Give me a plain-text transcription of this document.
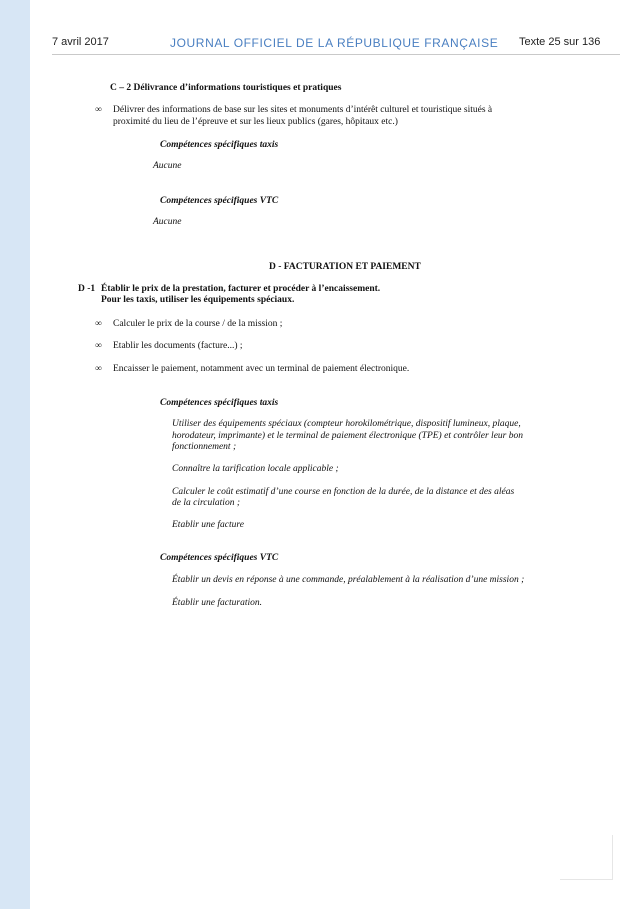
7 avril 2017	JOURNAL OFFICIEL DE LA RÉPUBLIQUE FRANÇAISE Texte 25 sur 136
C – 2 Délivrance d’informations touristiques et pratiques
∞ Délivrer des informations de base sur les sites et monuments d’intérêt culturel et touristique situés à
proximité du lieu de l’épreuve et sur les lieux publics (gares, hôpitaux etc.)
Compétences spécifiques taxis
Aucune
Compétences spécifiques VTC
Aucune
D - FACTURATION ET PAIEMENT
D -1 Établir le prix de la prestation, facturer et procéder à l’encaissement.
Pour les taxis, utiliser les équipements spéciaux.
∞ Calculer le prix de la course / de la mission ;
∞ Etablir les documents (facture...) ;
∞ Encaisser le paiement, notamment avec un terminal de paiement électronique.
Compétences spécifiques taxis
Utiliser des équipements spéciaux (compteur horokilométrique, dispositif lumineux, plaque,
horodateur, imprimante) et le terminal de paiement électronique (TPE) et contrôler leur bon
fonctionnement ;
Connaître la tarification locale applicable ;
Calculer le coût estimatif d’une course en fonction de la durée, de la distance et des aléas
de la circulation ;
Etablir une facture
Compétences spécifiques VTC
Établir un devis en réponse à une commande, préalablement à la réalisation d’une mission ;
Établir une facturation.
